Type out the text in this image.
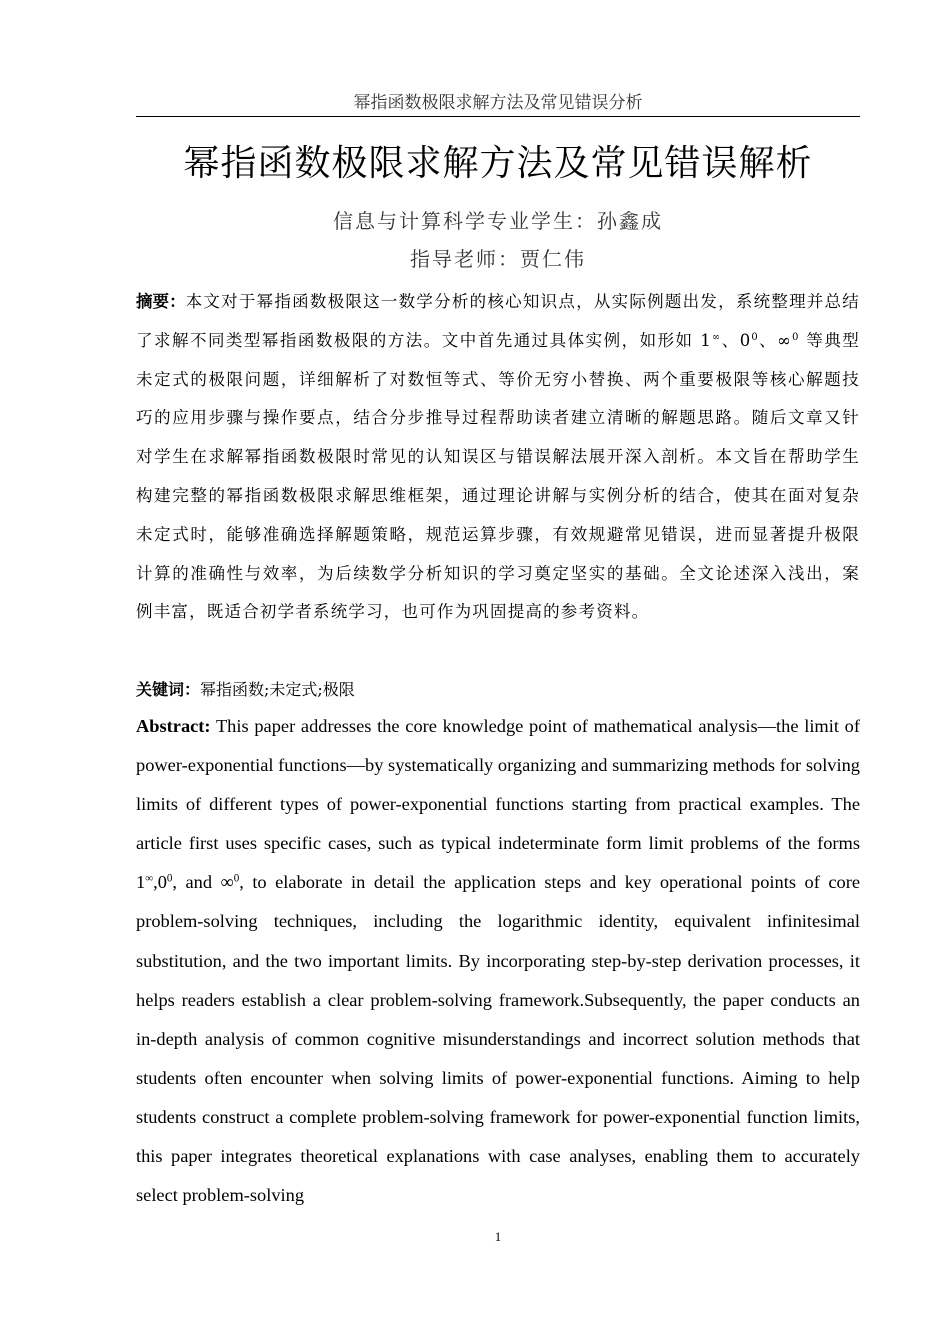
幂指函数极限求解方法及常见错误分析
幂指函数极限求解方法及常见错误解析
信息与计算科学专业学生：孙鑫成
指导老师：贾仁伟

摘要：本文对于幂指函数极限这一数学分析的核心知识点，从实际例题出发，系统整理并总结了求解不同类型幂指函数极限的方法。文中首先通过具体实例，如形如 1∞、$0^0$、∞$^0$ 等典型未定式的极限问题，详细解析了对数恒等式、等价无穷小替换、两个重要极限等核心解题技巧的应用步骤与操作要点，结合分步推导过程帮助读者建立清晰的解题思路。随后文章又针对学生在求解幂指函数极限时常见的认知误区与错误解法展开深入剖析。本文旨在帮助学生构建完整的幂指函数极限求解思维框架，通过理论讲解与实例分析的结合，使其在面对复杂未定式时，能够准确选择解题策略，规范运算步骤，有效规避常见错误，进而显著提升极限计算的准确性与效率，为后续数学分析知识的学习奠定坚实的基础。全文论述深入浅出，案例丰富，既适合初学者系统学习，也可作为巩固提高的参考资料。

关键词：幂指函数;未定式;极限

Abstract: This paper addresses the core knowledge point of mathematical analysis—the limit of power-exponential functions—by systematically organizing and summarizing methods for solving limits of different types of power-exponential functions starting from practical examples. The article first uses specific cases, such as typical indeterminate form limit problems of the forms $1^\infty,0^0$, and ∞$^0$, to elaborate in detail the application steps and key operational points of core problem-solving techniques, including the logarithmic identity, equivalent infinitesimal substitution, and the two important limits. By incorporating step-by-step derivation processes, it helps readers establish a clear problem-solving framework.Subsequently, the paper conducts an in-depth analysis of common cognitive misunderstandings and incorrect solution methods that students often encounter when solving limits of power-exponential functions. Aiming to help students construct a complete problem-solving framework for power-exponential function limits, this paper integrates theoretical explanations with case analyses, enabling them to accurately select problem-solving

1
